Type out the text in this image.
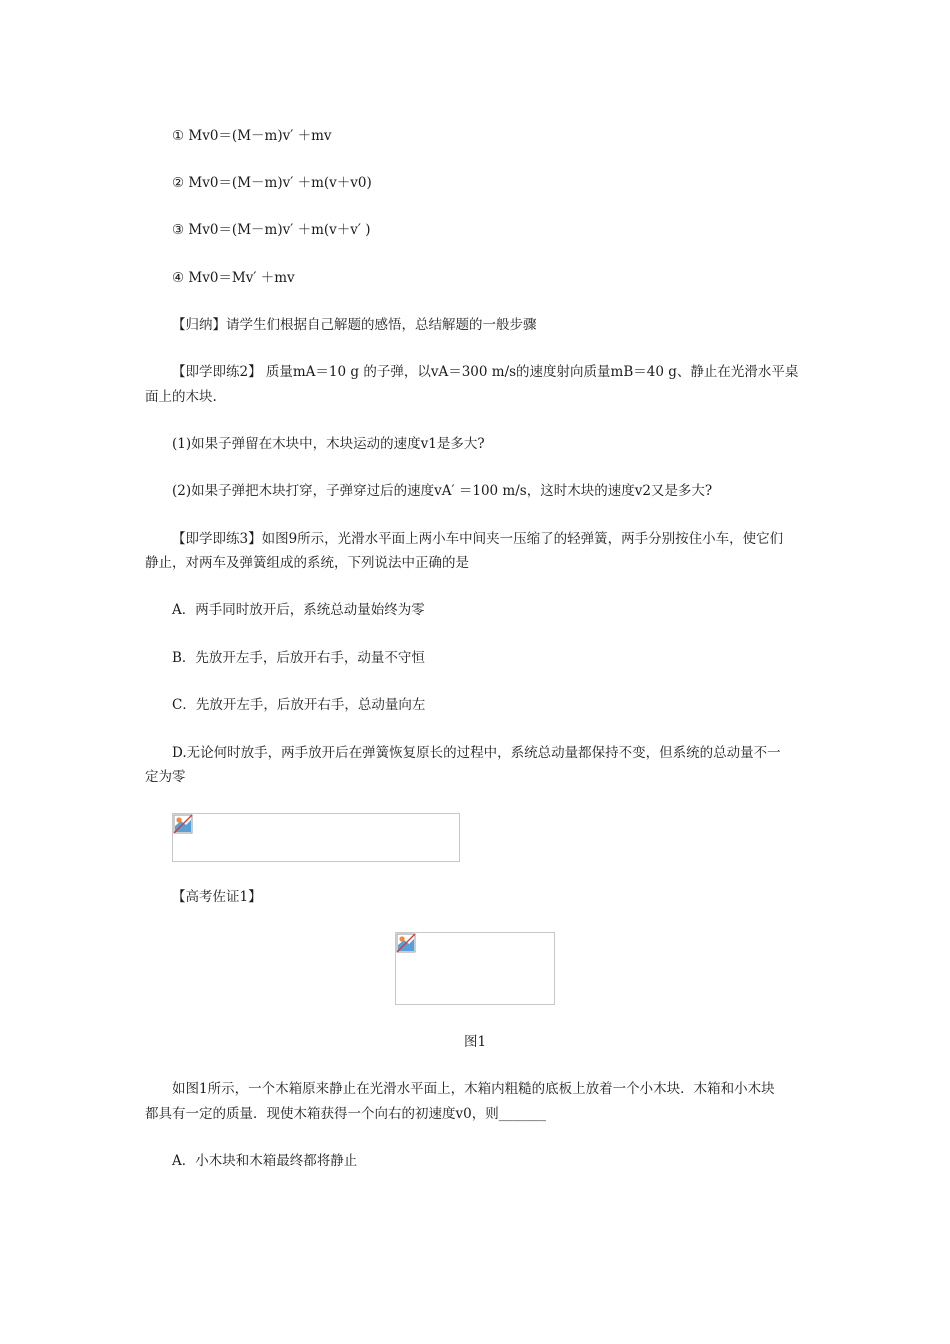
① Mv0＝(M－m)v′ ＋mv
② Mv0＝(M－m)v′ ＋m(v＋v0)
③ Mv0＝(M－m)v′ ＋m(v＋v′ )
④ Mv0＝Mv′ ＋mv
【归纳】请学生们根据自己解题的感悟，总结解题的一般步骤
【即学即练2】 质量mA＝10 g 的子弹，以vA＝300 m/s的速度射向质量mB＝40 g、静止在光滑水平桌
面上的木块.
(1)如果子弹留在木块中，木块运动的速度v1是多大?
(2)如果子弹把木块打穿，子弹穿过后的速度vA′ ＝100 m/s，这时木块的速度v2又是多大?
【即学即练3】如图9所示，光滑水平面上两小车中间夹一压缩了的轻弹簧，两手分别按住小车，使它们
静止，对两车及弹簧组成的系统，下列说法中正确的是
A．两手同时放开后，系统总动量始终为零
B．先放开左手，后放开右手，动量不守恒
C．先放开左手，后放开右手，总动量向左
D.无论何时放手，两手放开后在弹簧恢复原长的过程中，系统总动量都保持不变，但系统的总动量不一
定为零
【高考佐证1】
图1
如图1所示，一个木箱原来静止在光滑水平面上，木箱内粗糙的底板上放着一个小木块．木箱和小木块
都具有一定的质量．现使木箱获得一个向右的初速度v0，则_______
A．小木块和木箱最终都将静止
